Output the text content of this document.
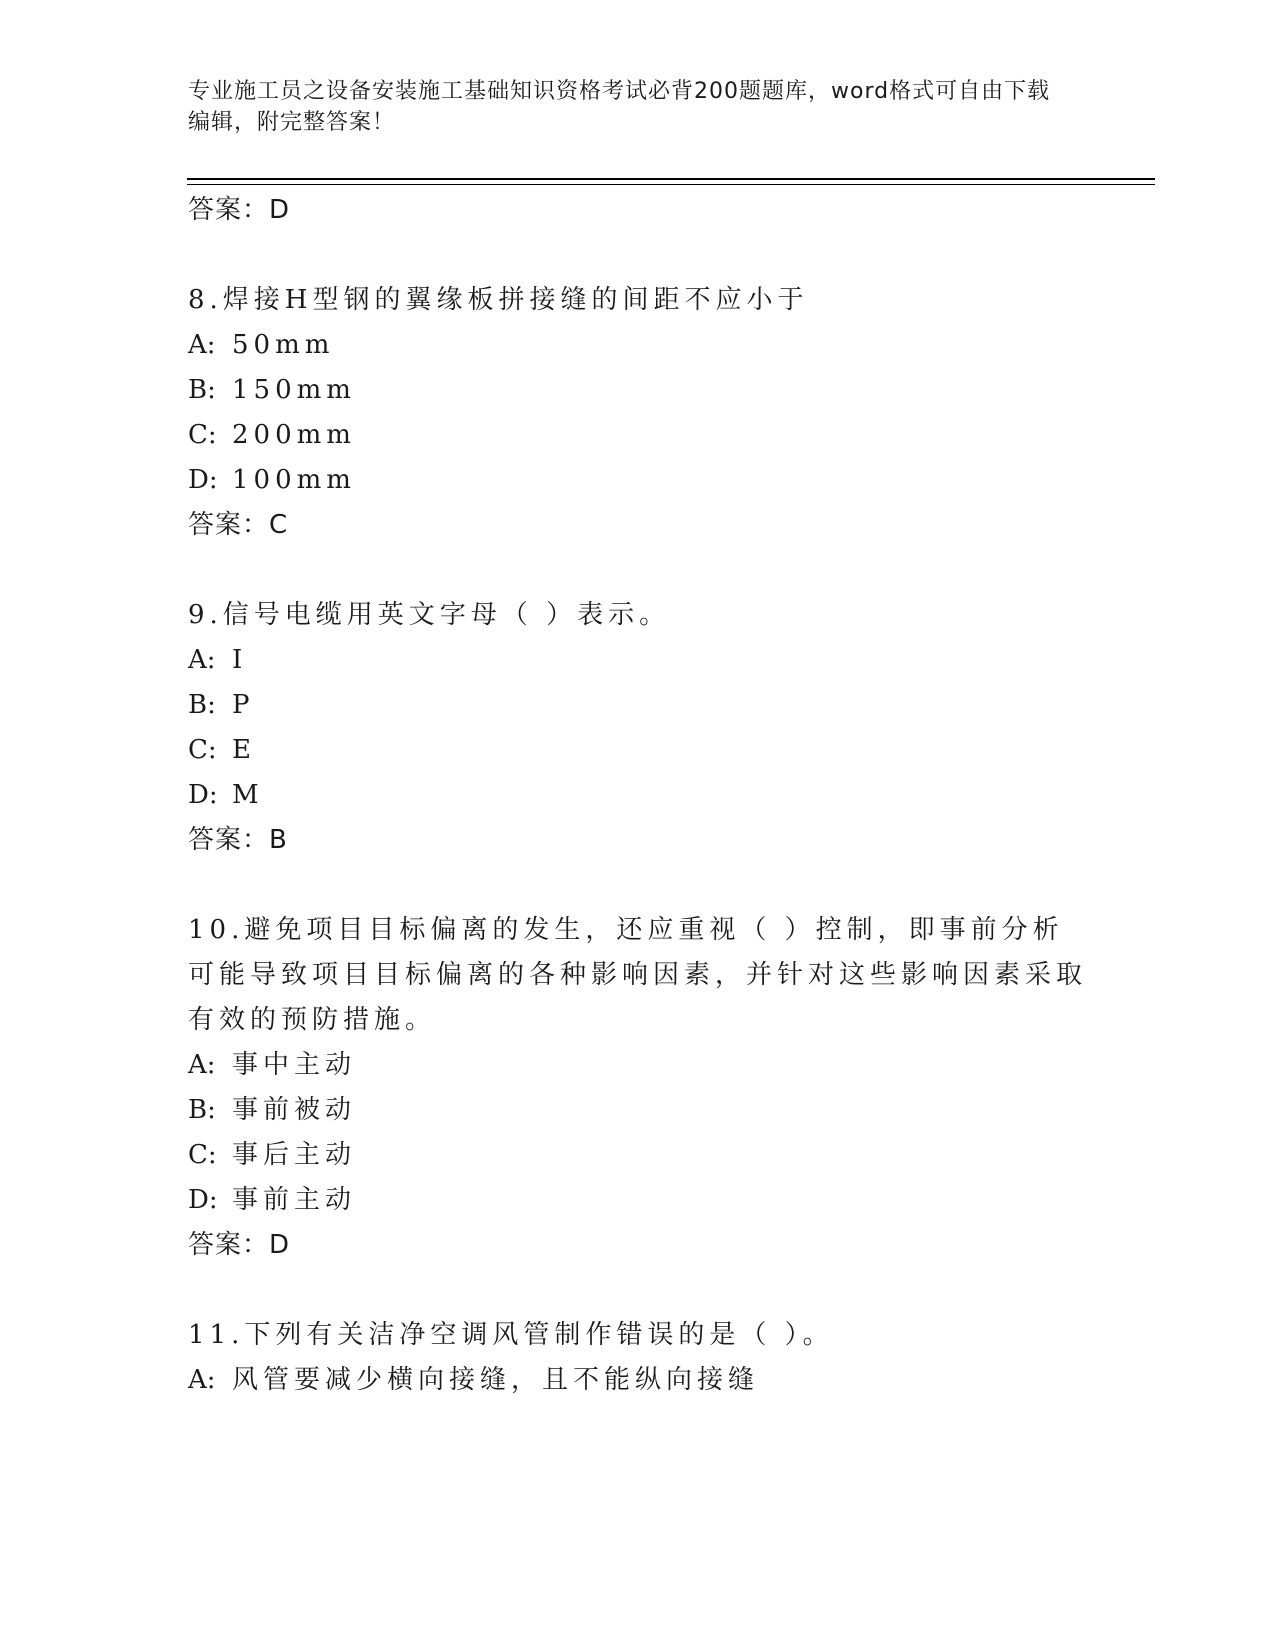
专业施工员之设备安装施工基础知识资格考试必背200题题库，word格式可自由下载编辑，附完整答案！
答案：D
8.焊接H型钢的翼缘板拼接缝的间距不应小于
A: 50mm
B: 150mm
C: 200mm
D: 100mm
答案：C
9.信号电缆用英文字母（ ）表示。
A: I
B: P
C: E
D: M
答案：B
10.避免项目目标偏离的发生，还应重视（ ）控制，即事前分析可能导致项目目标偏离的各种影响因素，并针对这些影响因素采取有效的预防措施。
A: 事中主动
B: 事前被动
C: 事后主动
D: 事前主动
答案：D
11.下列有关洁净空调风管制作错误的是（ ）。
A: 风管要减少横向接缝，且不能纵向接缝
